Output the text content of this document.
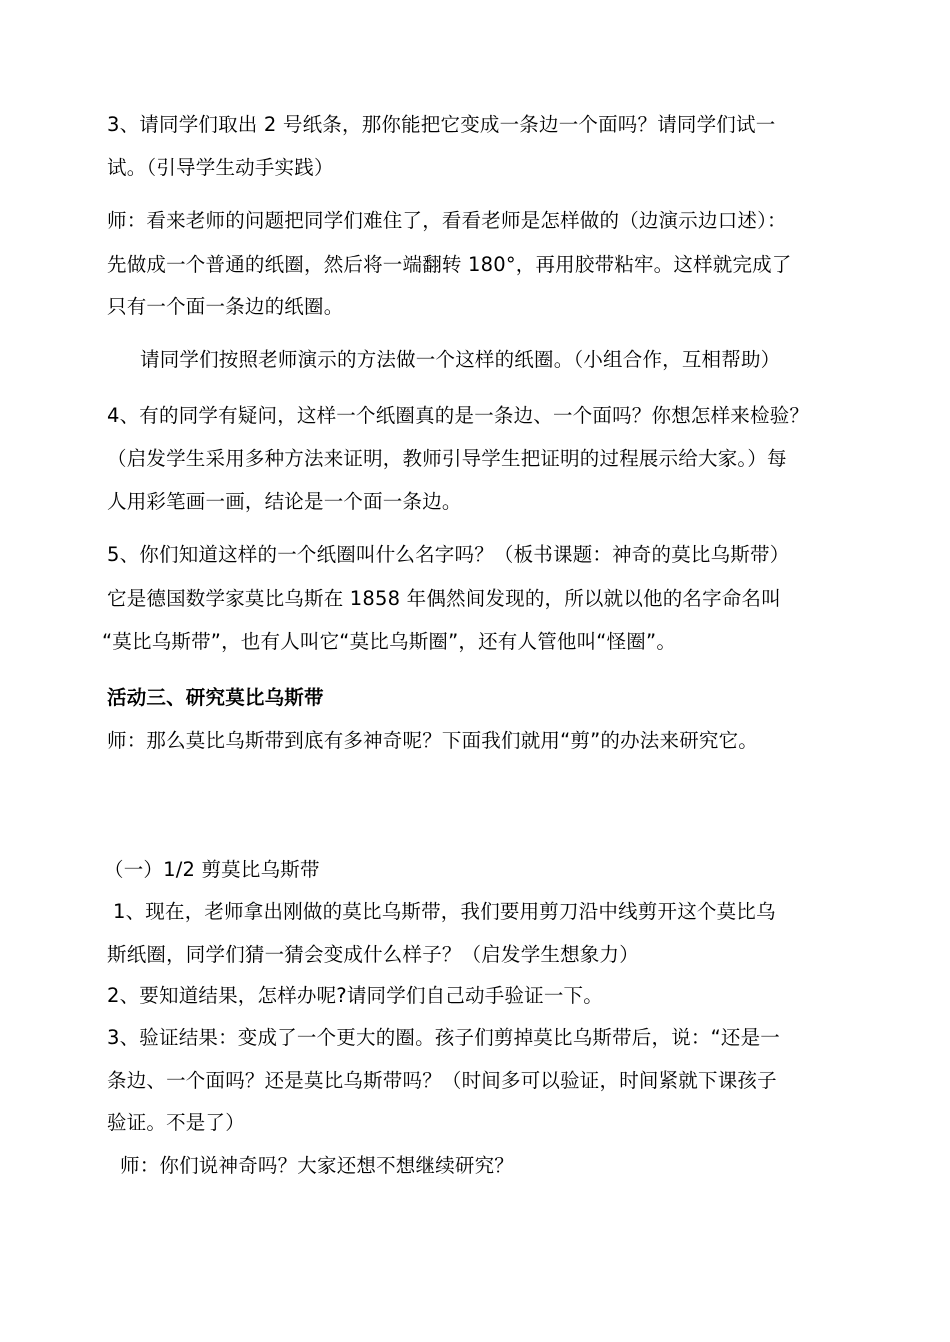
3、请同学们取出 2 号纸条，那你能把它变成一条边一个面吗？请同学们试一
试。（引导学生动手实践）
师：看来老师的问题把同学们难住了，看看老师是怎样做的（边演示边口述）：
先做成一个普通的纸圈，然后将一端翻转 180°，再用胶带粘牢。这样就完成了
只有一个面一条边的纸圈。
请同学们按照老师演示的方法做一个这样的纸圈。（小组合作，互相帮助）
4、有的同学有疑问，这样一个纸圈真的是一条边、一个面吗？你想怎样来检验？
（启发学生采用多种方法来证明，教师引导学生把证明的过程展示给大家。）每
人用彩笔画一画，结论是一个面一条边。
5、你们知道这样的一个纸圈叫什么名字吗？（板书课题：神奇的莫比乌斯带）
它是德国数学家莫比乌斯在 1858 年偶然间发现的，所以就以他的名字命名叫
“莫比乌斯带”，也有人叫它“莫比乌斯圈”，还有人管他叫“怪圈”。
活动三、研究莫比乌斯带
师：那么莫比乌斯带到底有多神奇呢？下面我们就用“剪”的办法来研究它。
（一）1/2 剪莫比乌斯带
1、现在，老师拿出刚做的莫比乌斯带，我们要用剪刀沿中线剪开这个莫比乌
斯纸圈，同学们猜一猜会变成什么样子？（启发学生想象力）
2、要知道结果，怎样办呢?请同学们自己动手验证一下。
3、验证结果：变成了一个更大的圈。孩子们剪掉莫比乌斯带后，说：“还是一
条边、一个面吗？还是莫比乌斯带吗？（时间多可以验证，时间紧就下课孩子
验证。不是了）
师：你们说神奇吗？大家还想不想继续研究？
